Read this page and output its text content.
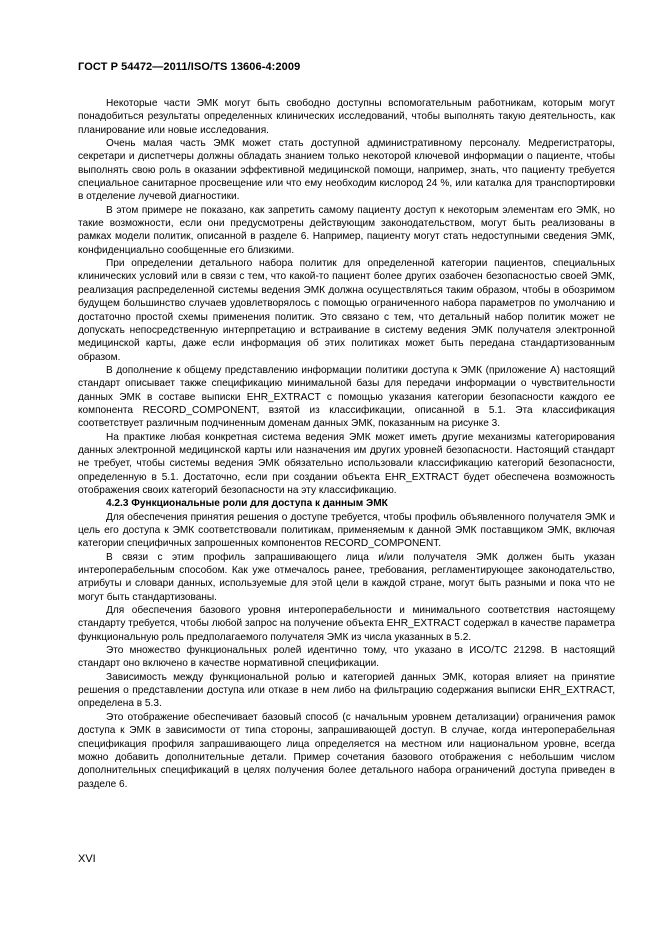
ГОСТ Р 54472—2011/ISO/TS 13606-4:2009

Некоторые части ЭМК могут быть свободно доступны вспомогательным работникам, которым могут понадобиться результаты определенных клинических исследований, чтобы выполнять такую деятельность, как планирование или новые исследования.

Очень малая часть ЭМК может стать доступной административному персоналу. Медрегистраторы, секретари и диспетчеры должны обладать знанием только некоторой ключевой информации о пациенте, чтобы выполнять свою роль в оказании эффективной медицинской помощи, например, знать, что пациенту требуется специальное санитарное просвещение или что ему необходим кислород 24 %, или каталка для транспортировки в отделение лучевой диагностики.

В этом примере не показано, как запретить самому пациенту доступ к некоторым элементам его ЭМК, но такие возможности, если они предусмотрены действующим законодательством, могут быть реализованы в рамках модели политик, описанной в разделе 6. Например, пациенту могут стать недоступными сведения ЭМК, конфиденциально сообщенные его близкими.

При определении детального набора политик для определенной категории пациентов, специальных клинических условий или в связи с тем, что какой-то пациент более других озабочен безопасностью своей ЭМК, реализация распределенной системы ведения ЭМК должна осуществляться таким образом, чтобы в обозримом будущем большинство случаев удовлетворялось с помощью ограниченного набора параметров по умолчанию и достаточно простой схемы применения политик. Это связано с тем, что детальный набор политик может не допускать непосредственную интерпретацию и встраивание в систему ведения ЭМК получателя электронной медицинской карты, даже если информация об этих политиках может быть передана стандартизованным образом.

В дополнение к общему представлению информации политики доступа к ЭМК (приложение А) настоящий стандарт описывает также спецификацию минимальной базы для передачи информации о чувствительности данных ЭМК в составе выписки EHR_EXTRACT с помощью указания категории безопасности каждого ее компонента RECORD_COMPONENT, взятой из классификации, описанной в 5.1. Эта классификация соответствует различным подчиненным доменам данных ЭМК, показанным на рисунке 3.

На практике любая конкретная система ведения ЭМК может иметь другие механизмы категорирования данных электронной медицинской карты или назначения им других уровней безопасности. Настоящий стандарт не требует, чтобы системы ведения ЭМК обязательно использовали классификацию категорий безопасности, определенную в 5.1. Достаточно, если при создании объекта EHR_EXTRACT будет обеспечена возможность отображения своих категорий безопасности на эту классификацию.

4.2.3 Функциональные роли для доступа к данным ЭМК

Для обеспечения принятия решения о доступе требуется, чтобы профиль объявленного получателя ЭМК и цель его доступа к ЭМК соответствовали политикам, применяемым к данной ЭМК поставщиком ЭМК, включая категории специфичных запрошенных компонентов RECORD_COMPONENT.

В связи с этим профиль запрашивающего лица и/или получателя ЭМК должен быть указан интероперабельным способом. Как уже отмечалось ранее, требования, регламентирующее законодательство, атрибуты и словари данных, используемые для этой цели в каждой стране, могут быть разными и пока что не могут быть стандартизованы.

Для обеспечения базового уровня интероперабельности и минимального соответствия настоящему стандарту требуется, чтобы любой запрос на получение объекта EHR_EXTRACT содержал в качестве параметра функциональную роль предполагаемого получателя ЭМК из числа указанных в 5.2.

Это множество функциональных ролей идентично тому, что указано в ИСО/ТС 21298. В настоящий стандарт оно включено в качестве нормативной спецификации.

Зависимость между функциональной ролью и категорией данных ЭМК, которая влияет на принятие решения о представлении доступа или отказе в нем либо на фильтрацию содержания выписки EHR_EXTRACT, определена в 5.3.

Это отображение обеспечивает базовый способ (с начальным уровнем детализации) ограничения рамок доступа к ЭМК в зависимости от типа стороны, запрашивающей доступ. В случае, когда интероперабельная спецификация профиля запрашивающего лица определяется на местном или национальном уровне, всегда можно добавить дополнительные детали. Пример сочетания базового отображения с небольшим числом дополнительных спецификаций в целях получения более детального набора ограничений доступа приведен в разделе 6.

XVI
